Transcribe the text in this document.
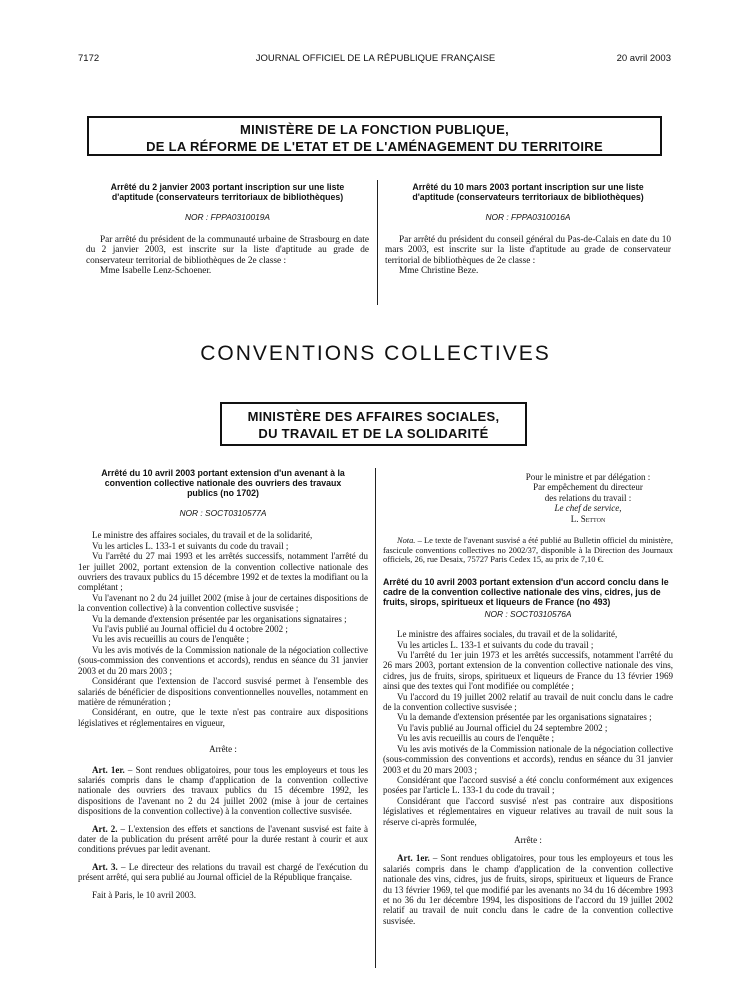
7172	JOURNAL OFFICIEL DE LA RÉPUBLIQUE FRANÇAISE	20 avril 2003
MINISTÈRE DE LA FONCTION PUBLIQUE,
DE LA RÉFORME DE L'ETAT ET DE L'AMÉNAGEMENT DU TERRITOIRE
Arrêté du 2 janvier 2003 portant inscription sur une liste d'aptitude (conservateurs territoriaux de bibliothèques)
NOR : FPPA0310019A

Par arrêté du président de la communauté urbaine de Strasbourg en date du 2 janvier 2003, est inscrite sur la liste d'aptitude au grade de conservateur territorial de bibliothèques de 2e classe :

Mme Isabelle Lenz-Schoener.

Arrêté du 10 mars 2003 portant inscription sur une liste d'aptitude (conservateurs territoriaux de bibliothèques)
NOR : FPPA0310016A

Par arrêté du président du conseil général du Pas-de-Calais en date du 10 mars 2003, est inscrite sur la liste d'aptitude au grade de conservateur territorial de bibliothèques de 2e classe :

Mme Christine Beze.

CONVENTIONS COLLECTIVES
MINISTÈRE DES AFFAIRES SOCIALES,
DU TRAVAIL ET DE LA SOLIDARITÉ
Arrêté du 10 avril 2003 portant extension d'un avenant à la convention collective nationale des ouvriers des travaux publics (no 1702)
NOR : SOCT0310577A

Le ministre des affaires sociales, du travail et de la solidarité,

Vu les articles L. 133-1 et suivants du code du travail ;

Vu l'arrêté du 27 mai 1993 et les arrêtés successifs, notamment l'arrêté du 1er juillet 2002, portant extension de la convention collective nationale des ouvriers des travaux publics du 15 décembre 1992 et de textes la modifiant ou la complétant ;

Vu l'avenant no 2 du 24 juillet 2002 (mise à jour de certaines dispositions de la convention collective) à la convention collective susvisée ;

Vu la demande d'extension présentée par les organisations signataires ;

Vu l'avis publié au Journal officiel du 4 octobre 2002 ;

Vu les avis recueillis au cours de l'enquête ;

Vu les avis motivés de la Commission nationale de la négociation collective (sous-commission des conventions et accords), rendus en séance du 31 janvier 2003 et du 20 mars 2003 ;

Considérant que l'extension de l'accord susvisé permet à l'ensemble des salariés de bénéficier de dispositions conventionnelles nouvelles, notamment en matière de rémunération ;

Considérant, en outre, que le texte n'est pas contraire aux dispositions législatives et réglementaires en vigueur,

Arrête :

Art. 1er. – Sont rendues obligatoires, pour tous les employeurs et tous les salariés compris dans le champ d'application de la convention collective nationale des ouvriers des travaux publics du 15 décembre 1992, les dispositions de l'avenant no 2 du 24 juillet 2002 (mise à jour de certaines dispositions de la convention collective) à la convention collective susvisée.

Art. 2. – L'extension des effets et sanctions de l'avenant susvisé est faite à dater de la publication du présent arrêté pour la durée restant à courir et aux conditions prévues par ledit avenant.

Art. 3. – Le directeur des relations du travail est chargé de l'exécution du présent arrêté, qui sera publié au Journal officiel de la République française.

Fait à Paris, le 10 avril 2003.

Pour le ministre et par délégation :
Par empêchement du directeur
des relations du travail :
Le chef de service,
L. Setton

Nota. – Le texte de l'avenant susvisé a été publié au Bulletin officiel du ministère, fascicule conventions collectives no 2002/37, disponible à la Direction des Journaux officiels, 26, rue Desaix, 75727 Paris Cedex 15, au prix de 7,10 €.

Arrêté du 10 avril 2003 portant extension d'un accord conclu dans le cadre de la convention collective nationale des vins, cidres, jus de fruits, sirops, spiritueux et liqueurs de France (no 493)
NOR : SOCT0310576A

Le ministre des affaires sociales, du travail et de la solidarité,

Vu les articles L. 133-1 et suivants du code du travail ;

Vu l'arrêté du 1er juin 1973 et les arrêtés successifs, notamment l'arrêté du 26 mars 2003, portant extension de la convention collective nationale des vins, cidres, jus de fruits, sirops, spiritueux et liqueurs de France du 13 février 1969 ainsi que des textes qui l'ont modifiée ou complétée ;

Vu l'accord du 19 juillet 2002 relatif au travail de nuit conclu dans le cadre de la convention collective susvisée ;

Vu la demande d'extension présentée par les organisations signataires ;

Vu l'avis publié au Journal officiel du 24 septembre 2002 ;

Vu les avis recueillis au cours de l'enquête ;

Vu les avis motivés de la Commission nationale de la négociation collective (sous-commission des conventions et accords), rendus en séance du 31 janvier 2003 et du 20 mars 2003 ;

Considérant que l'accord susvisé a été conclu conformément aux exigences posées par l'article L. 133-1 du code du travail ;

Considérant que l'accord susvisé n'est pas contraire aux dispositions législatives et réglementaires en vigueur relatives au travail de nuit sous la réserve ci-après formulée,

Arrête :

Art. 1er. – Sont rendues obligatoires, pour tous les employeurs et tous les salariés compris dans le champ d'application de la convention collective nationale des vins, cidres, jus de fruits, sirops, spiritueux et liqueurs de France du 13 février 1969, tel que modifié par les avenants no 34 du 16 décembre 1993 et no 36 du 1er décembre 1994, les dispositions de l'accord du 19 juillet 2002 relatif au travail de nuit conclu dans le cadre de la convention collective susvisée.
